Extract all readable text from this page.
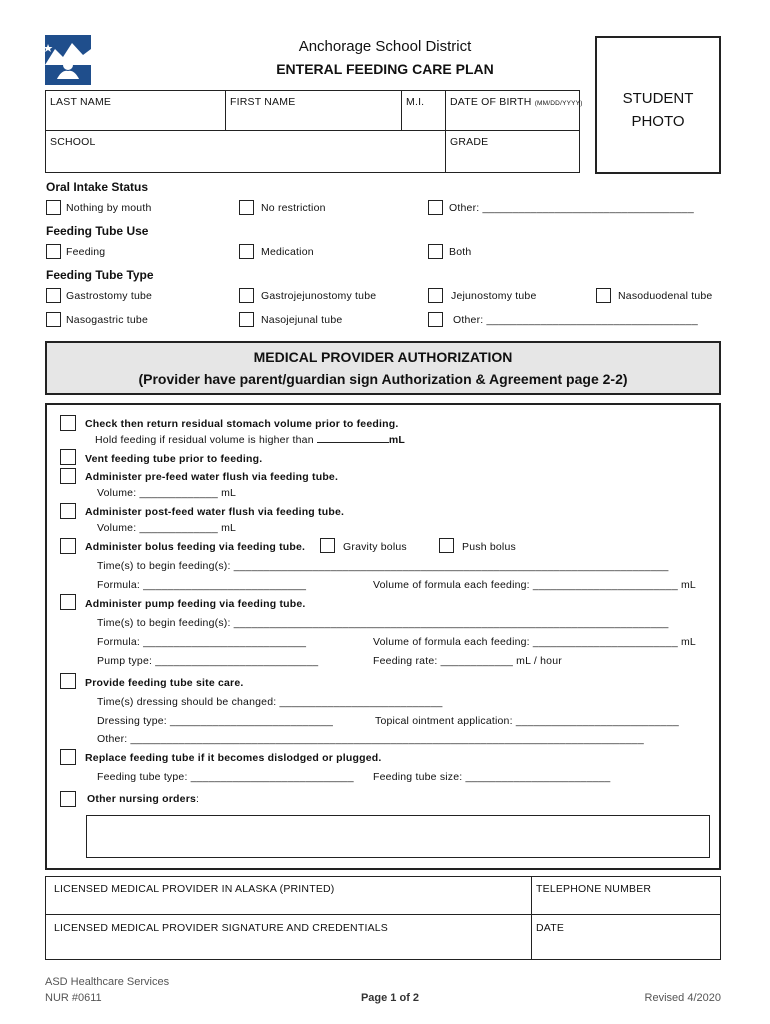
Anchorage School District
ENTERAL FEEDING CARE PLAN
STUDENT
PHOTO
LAST NAME	FIRST NAME	M.I. DATE OF BIRTH (MM/DD/YYYY)
SCHOOL	GRADE
Oral Intake Status
Nothing by mouth	No restriction	Other: ___________________________________
Feeding Tube Use
Feeding	Medication	Both
Feeding Tube Type
Gastrostomy tube	Gastrojejunostomy tube	Jejunostomy tube	Nasoduodenal tube
Nasogastric tube	Nasojejunal tube	Other: ___________________________________
MEDICAL PROVIDER AUTHORIZATION
(Provider have parent/guardian sign Authorization & Agreement page 2-2)
Check then return residual stomach volume prior to feeding.
Hold feeding if residual volume is higher than	mL
Vent feeding tube prior to feeding.
Administer pre-feed water flush via feeding tube.
Volume: _____________ mL
Administer post-feed water flush via feeding tube.
Volume: _____________ mL
Administer bolus feeding via feeding tube.	Gravity bolus	Push bolus
Time(s) to begin feeding(s): ________________________________________________________________________
Formula: ___________________________	Volume of formula each feeding: ________________________ mL
Administer pump feeding via feeding tube.
Time(s) to begin feeding(s): ________________________________________________________________________
Formula: ___________________________	Volume of formula each feeding: ________________________ mL
Pump type: ___________________________	Feeding rate: ____________ mL / hour
Provide feeding tube site care.
Time(s) dressing should be changed: ___________________________
Dressing type: ___________________________	Topical ointment application: ___________________________
Other: _____________________________________________________________________________________
Replace feeding tube if it becomes dislodged or plugged.
Feeding tube type: ___________________________ Feeding tube size: ________________________
Other nursing orders:
LICENSED MEDICAL PROVIDER IN ALASKA (PRINTED)	TELEPHONE NUMBER
LICENSED MEDICAL PROVIDER SIGNATURE AND CREDENTIALS	DATE
ASD Healthcare Services
NUR #0611	Page 1 of 2	Revised 4/2020
